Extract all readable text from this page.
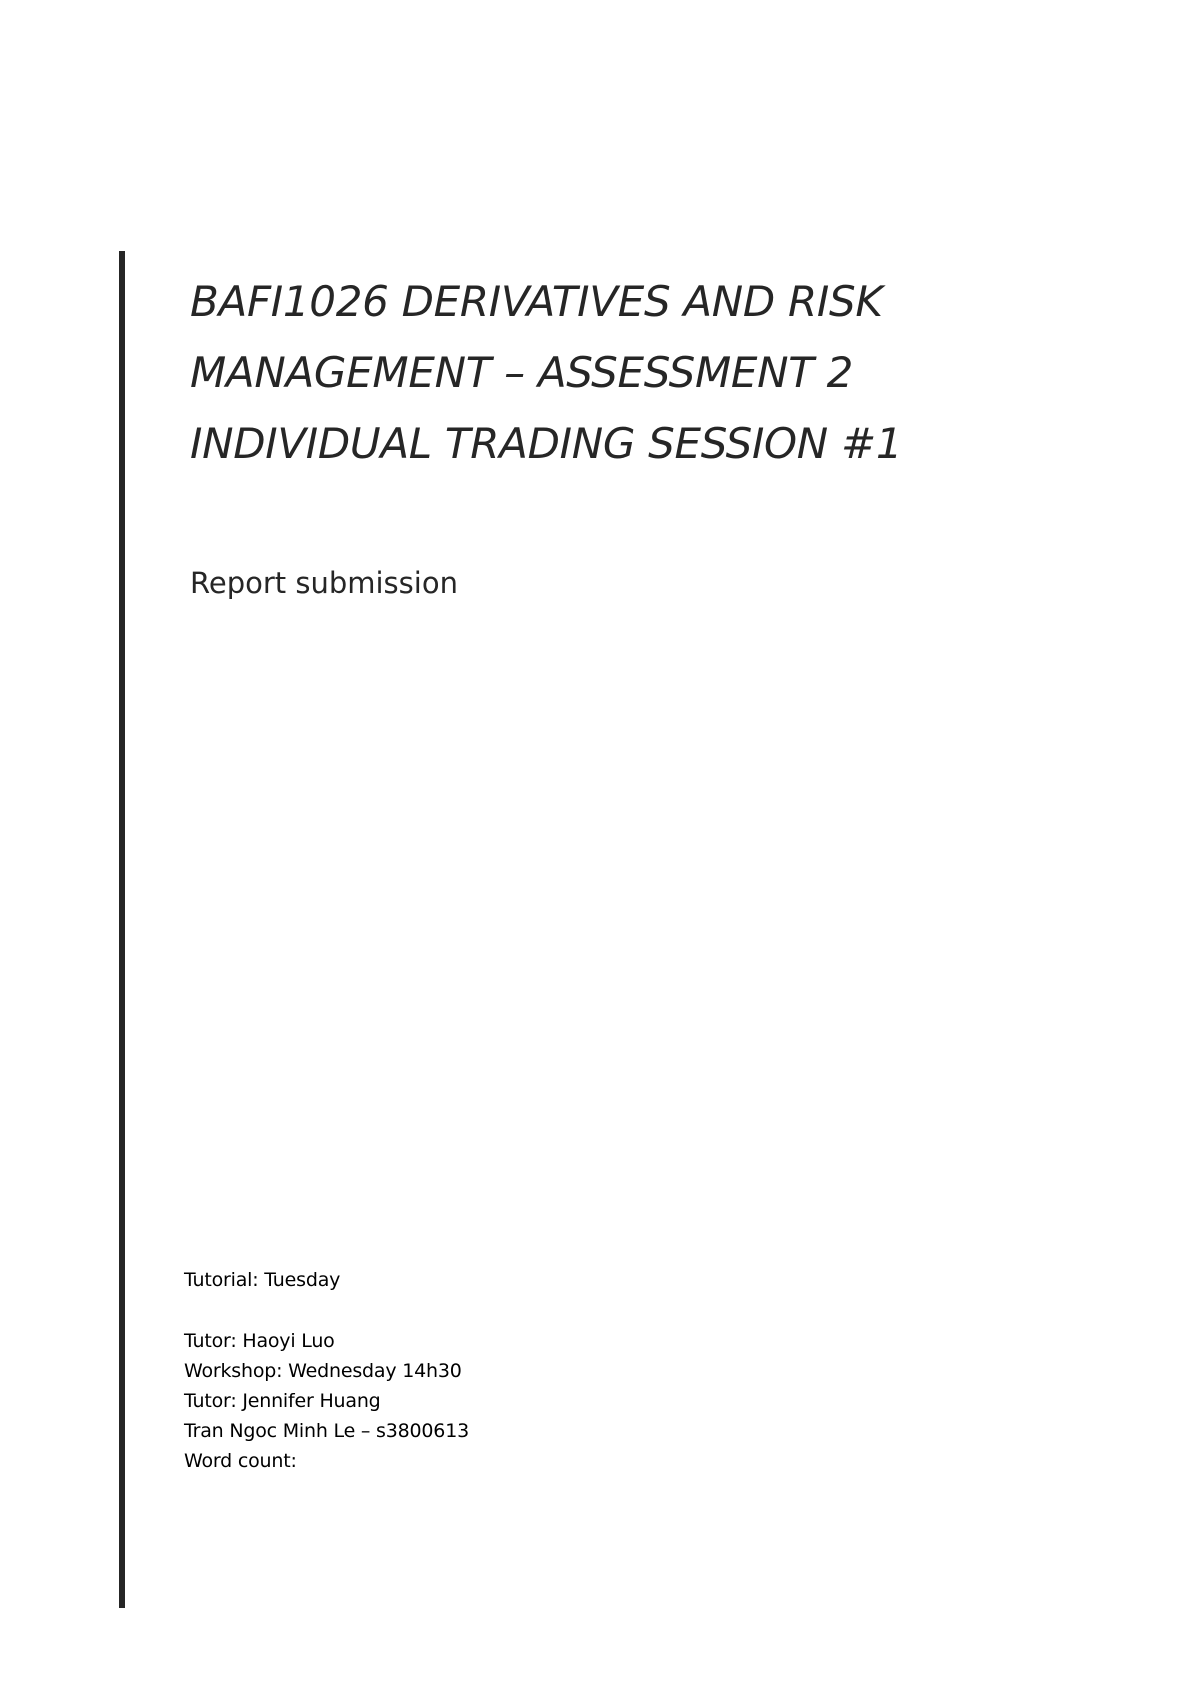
BAFI1026 DERIVATIVES AND RISK
MANAGEMENT – ASSESSMENT 2
INDIVIDUAL TRADING SESSION #1

Report submission

Tutorial: Tuesday
Tutor: Haoyi Luo
Workshop: Wednesday 14h30
Tutor: Jennifer Huang
Tran Ngoc Minh Le – s3800613
Word count:
